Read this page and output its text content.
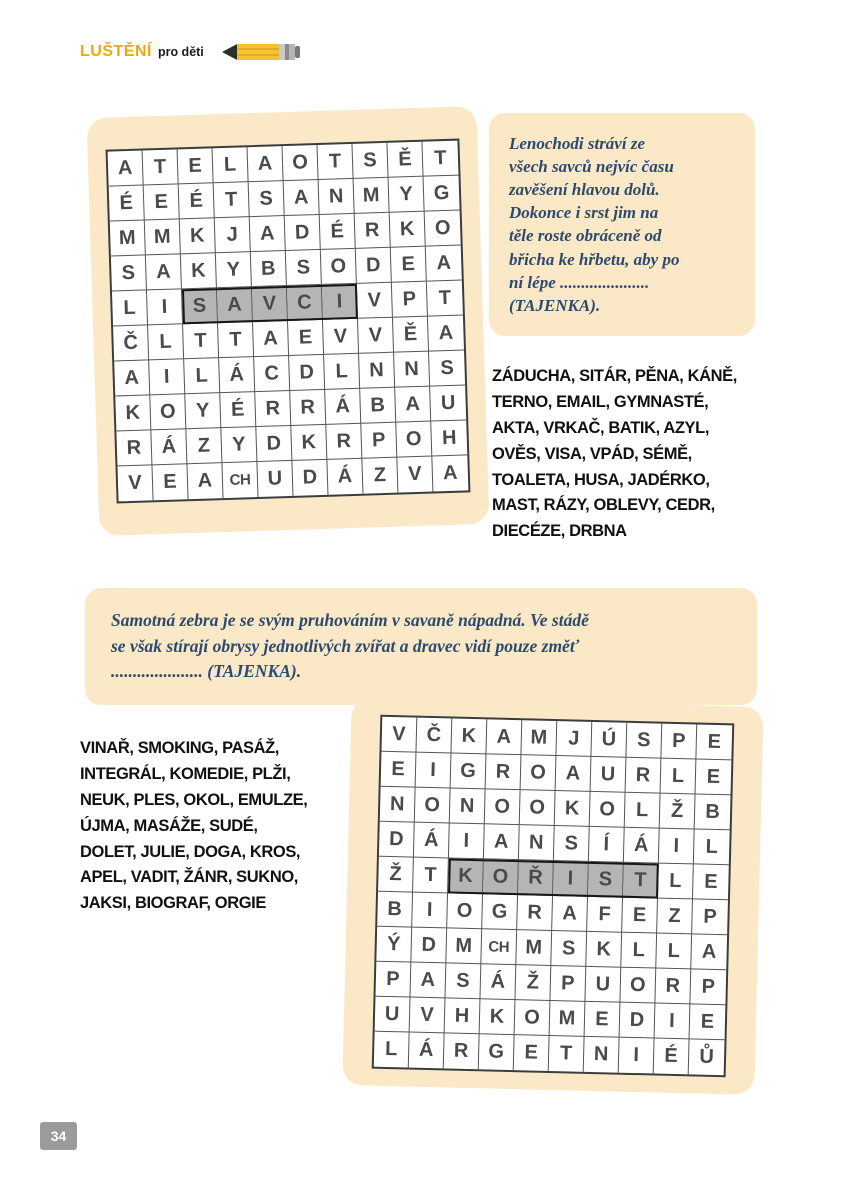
LUŠTĚNÍ pro děti
A	T	E	L	A O	T	S	Ě	T
É	E	É	T	S	A N M Y	G
M M K	J	A D	É	R K O
S	A K	Y	B	S O D	E	A
L	I	S	A	V	C	I	V	P	T
Č	L	T	T	A	E	V	V	Ě	A
A	I	L	Á C D	L	N N	S
K O Y	É	R R Á B A	U
R Á	Z	Y	D K R	P O H
V	E	A	CH U D Á	Z	V	A
Lenochodi stráví ze
všech savců nejvíc času
zavěšení hlavou dolů.
Dokonce i srst jim na
těle roste obráceně od
břicha ke hřbetu, aby po
ní lépe .....................
(TAJENKA).
ZÁDUCHA, SITÁR, PĚNA, KÁNĚ,
TERNO, EMAIL, GYMNASTÉ,
AKTA, VRKAČ, BATIK, AZYL,
OVĚS, VISA, VPÁD, SÉMĚ,
TOALETA, HUSA, JADÉRKO,
MAST, RÁZY, OBLEVY, CEDR,
DIECÉZE, DRBNA
Samotná zebra je se svým pruhováním v savaně nápadná. Ve stádě
se však stírají obrysy jednotlivých zvířat a dravec vidí pouze změť
..................... (TAJENKA).
VINAŘ, SMOKING, PASÁŽ,
INTEGRÁL, KOMEDIE, PLŽI,
NEUK, PLES, OKOL, EMULZE,
ÚJMA, MASÁŽE, SUDÉ,
DOLET, JULIE, DOGA, KROS,
APEL, VADIT, ŽÁNR, SUKNO,
JAKSI, BIOGRAF, ORGIE
V	Č	K	A M	J	Ú	S	P	E
E	I	G R O A	U	R	L	E
N O N O O K O	L	Ž	B
D	Á	I	A	N	S	Í	Á	I	L
Ž	T	K O Ř	I	S	T	L	E
B	I	O G R	A	F	E	Z	P
Ý	D M	CH M S	K	L	L	A
P	A	S	Á	Ž	P	U O R	P
U	V	H	K O M E	D	I	E
L	Á	R G	E	T	N	I	É	Ů
34
